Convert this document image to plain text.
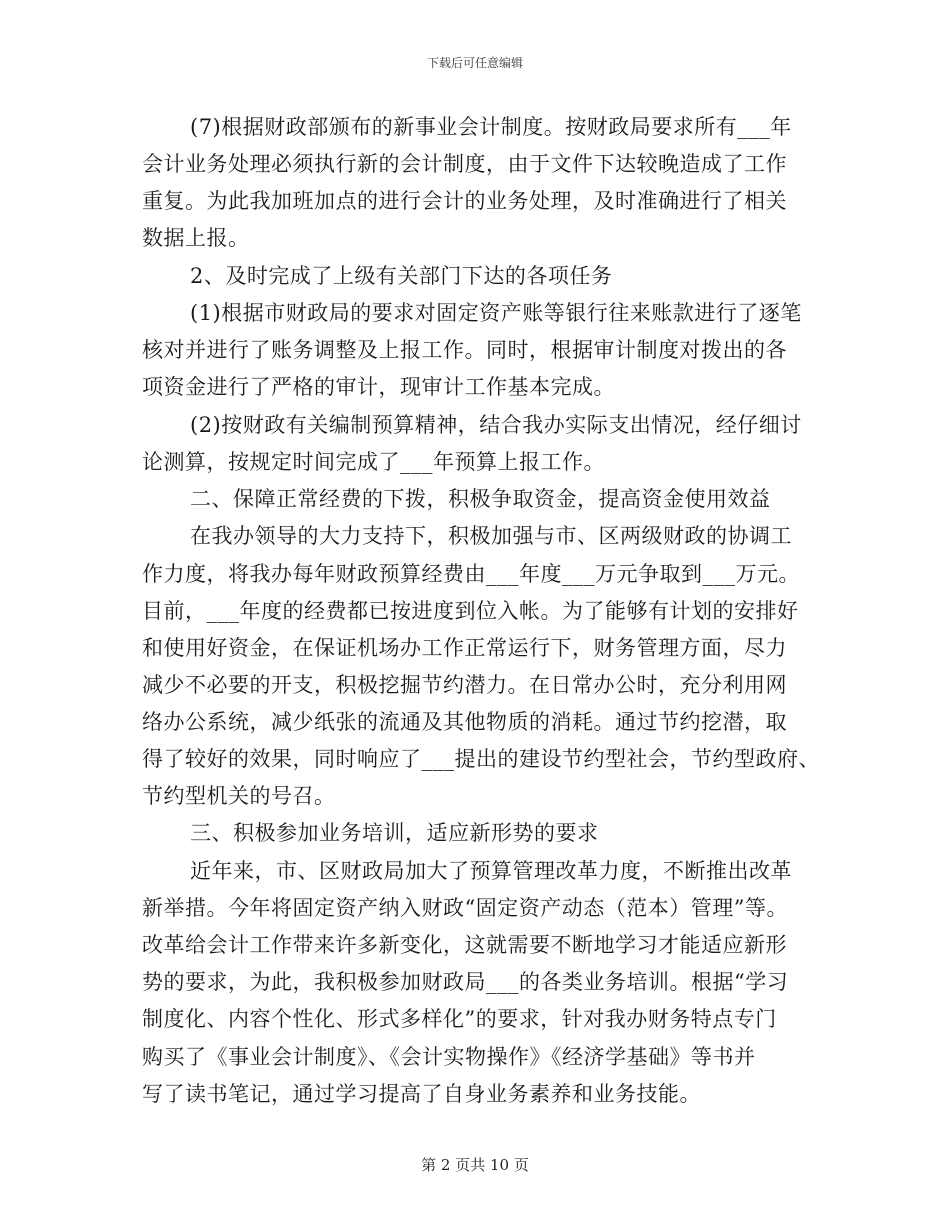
下载后可任意编辑
(7)根据财政部颁布的新事业会计制度。按财政局要求所有___年
会计业务处理必须执行新的会计制度，由于文件下达较晚造成了工作
重复。为此我加班加点的进行会计的业务处理，及时准确进行了相关
数据上报。
2、及时完成了上级有关部门下达的各项任务
(1)根据市财政局的要求对固定资产账等银行往来账款进行了逐笔
核对并进行了账务调整及上报工作。同时，根据审计制度对拨出的各
项资金进行了严格的审计，现审计工作基本完成。
(2)按财政有关编制预算精神，结合我办实际支出情况，经仔细讨
论测算，按规定时间完成了___年预算上报工作。
二、保障正常经费的下拨，积极争取资金，提高资金使用效益
在我办领导的大力支持下，积极加强与市、区两级财政的协调工
作力度，将我办每年财政预算经费由___年度___万元争取到___万元。
目前，___年度的经费都已按进度到位入帐。为了能够有计划的安排好
和使用好资金，在保证机场办工作正常运行下，财务管理方面，尽力
减少不必要的开支，积极挖掘节约潜力。在日常办公时，充分利用网
络办公系统，减少纸张的流通及其他物质的消耗。通过节约挖潜，取
得了较好的效果，同时响应了___提出的建设节约型社会，节约型政府、
节约型机关的号召。
三、积极参加业务培训，适应新形势的要求
近年来，市、区财政局加大了预算管理改革力度，不断推出改革
新举措。今年将固定资产纳入财政“固定资产动态（范本）管理”等。
改革给会计工作带来许多新变化，这就需要不断地学习才能适应新形
势的要求，为此，我积极参加财政局___的各类业务培训。根据“学习
制度化、内容个性化、形式多样化”的要求，针对我办财务特点专门
购买了《事业会计制度》、《会计实物操作》《经济学基础》等书并
写了读书笔记，通过学习提高了自身业务素养和业务技能。
第 2 页共 10 页
